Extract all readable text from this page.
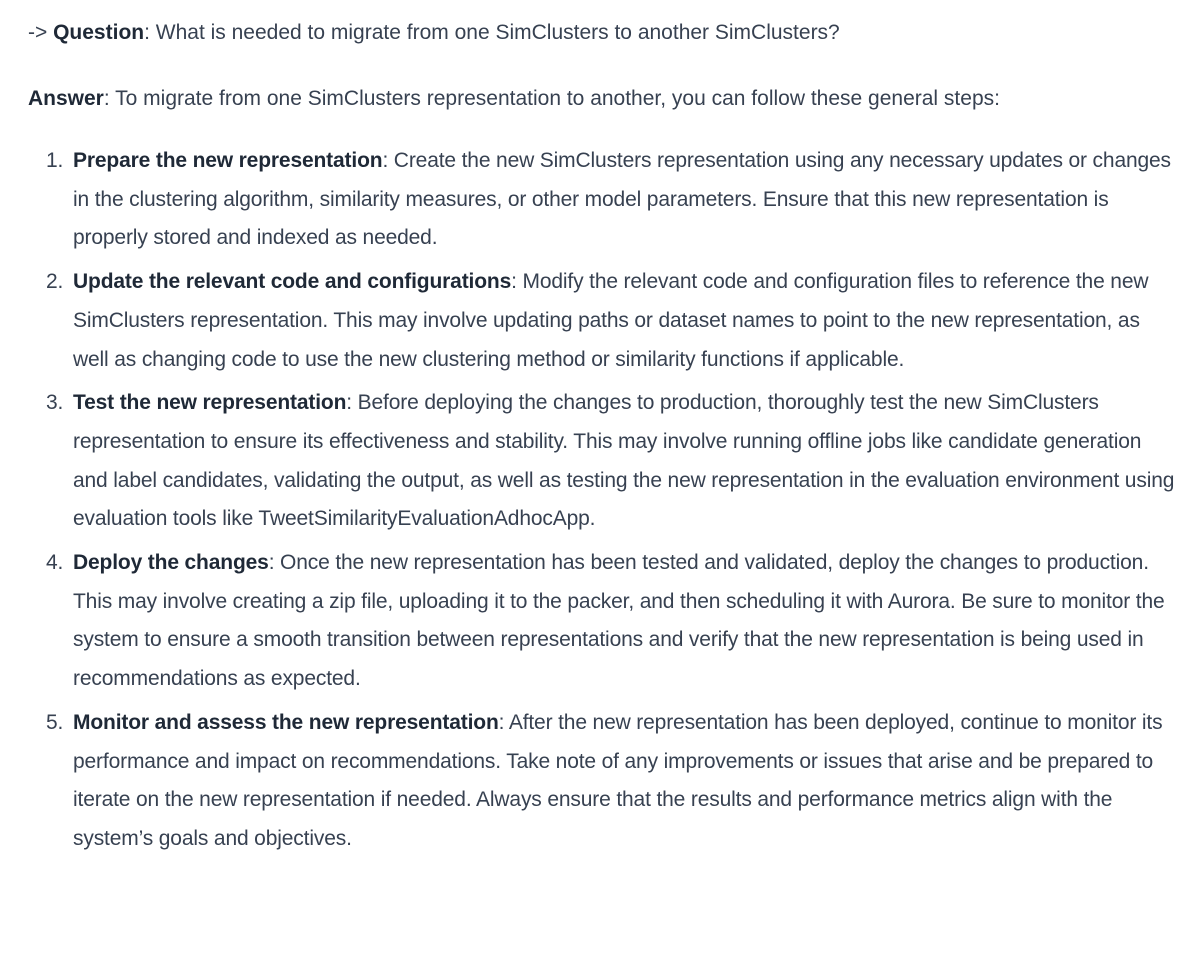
-> Question: What is needed to migrate from one SimClusters to another SimClusters?

Answer: To migrate from one SimClusters representation to another, you can follow these general steps:

1. Prepare the new representation: Create the new SimClusters representation using any necessary updates or changes in the clustering algorithm, similarity measures, or other model parameters. Ensure that this new representation is properly stored and indexed as needed.
2. Update the relevant code and configurations: Modify the relevant code and configuration files to reference the new SimClusters representation. This may involve updating paths or dataset names to point to the new representation, as well as changing code to use the new clustering method or similarity functions if applicable.
3. Test the new representation: Before deploying the changes to production, thoroughly test the new SimClusters representation to ensure its effectiveness and stability. This may involve running offline jobs like candidate generation and label candidates, validating the output, as well as testing the new representation in the evaluation environment using evaluation tools like TweetSimilarityEvaluationAdhocApp.
4. Deploy the changes: Once the new representation has been tested and validated, deploy the changes to production. This may involve creating a zip file, uploading it to the packer, and then scheduling it with Aurora. Be sure to monitor the system to ensure a smooth transition between representations and verify that the new representation is being used in recommendations as expected.
5. Monitor and assess the new representation: After the new representation has been deployed, continue to monitor its performance and impact on recommendations. Take note of any improvements or issues that arise and be prepared to iterate on the new representation if needed. Always ensure that the results and performance metrics align with the system’s goals and objectives.
